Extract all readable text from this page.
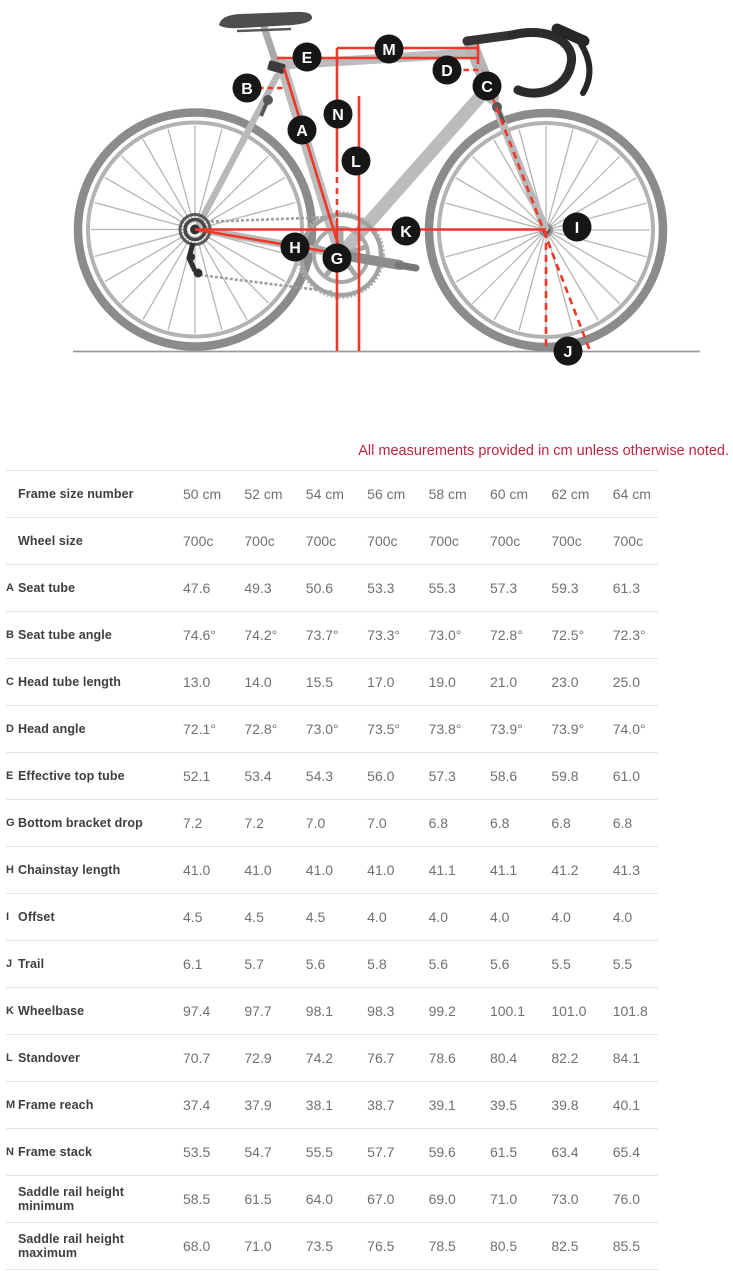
A
B	C
D
E
G
H
I
J
K
L
M
N
All measurements provided in cm unless otherwise noted.
Frame size number	50 cm	52 cm	54 cm	56 cm	58 cm	60 cm	62 cm	64 cm
Wheel size	700c	700c	700c	700c	700c	700c	700c	700c
A Seat tube	47.6	49.3	50.6	53.3	55.3	57.3	59.3	61.3
B Seat tube angle	74.6°	74.2°	73.7°	73.3°	73.0°	72.8°	72.5°	72.3°
C Head tube length	13.0	14.0	15.5	17.0	19.0	21.0	23.0	25.0
D Head angle	72.1°	72.8°	73.0°	73.5°	73.8°	73.9°	73.9°	74.0°
E Effective top tube	52.1	53.4	54.3	56.0	57.3	58.6	59.8	61.0
G Bottom bracket drop	7.2	7.2	7.0	7.0	6.8	6.8	6.8	6.8
H Chainstay length	41.0	41.0	41.0	41.0	41.1	41.1	41.2	41.3
I Offset	4.5	4.5	4.5	4.0	4.0	4.0	4.0	4.0
J Trail	6.1	5.7	5.6	5.8	5.6	5.6	5.5	5.5
K Wheelbase	97.4	97.7	98.1	98.3	99.2	100.1	101.0	101.8
L Standover	70.7	72.9	74.2	76.7	78.6	80.4	82.2	84.1
M Frame reach	37.4	37.9	38.1	38.7	39.1	39.5	39.8	40.1
N Frame stack	53.5	54.7	55.5	57.7	59.6	61.5	63.4	65.4
Saddle rail height minimum	58.5	61.5	64.0	67.0	69.0	71.0	73.0	76.0
Saddle rail height maximum	68.0	71.0	73.5	76.5	78.5	80.5	82.5	85.5
